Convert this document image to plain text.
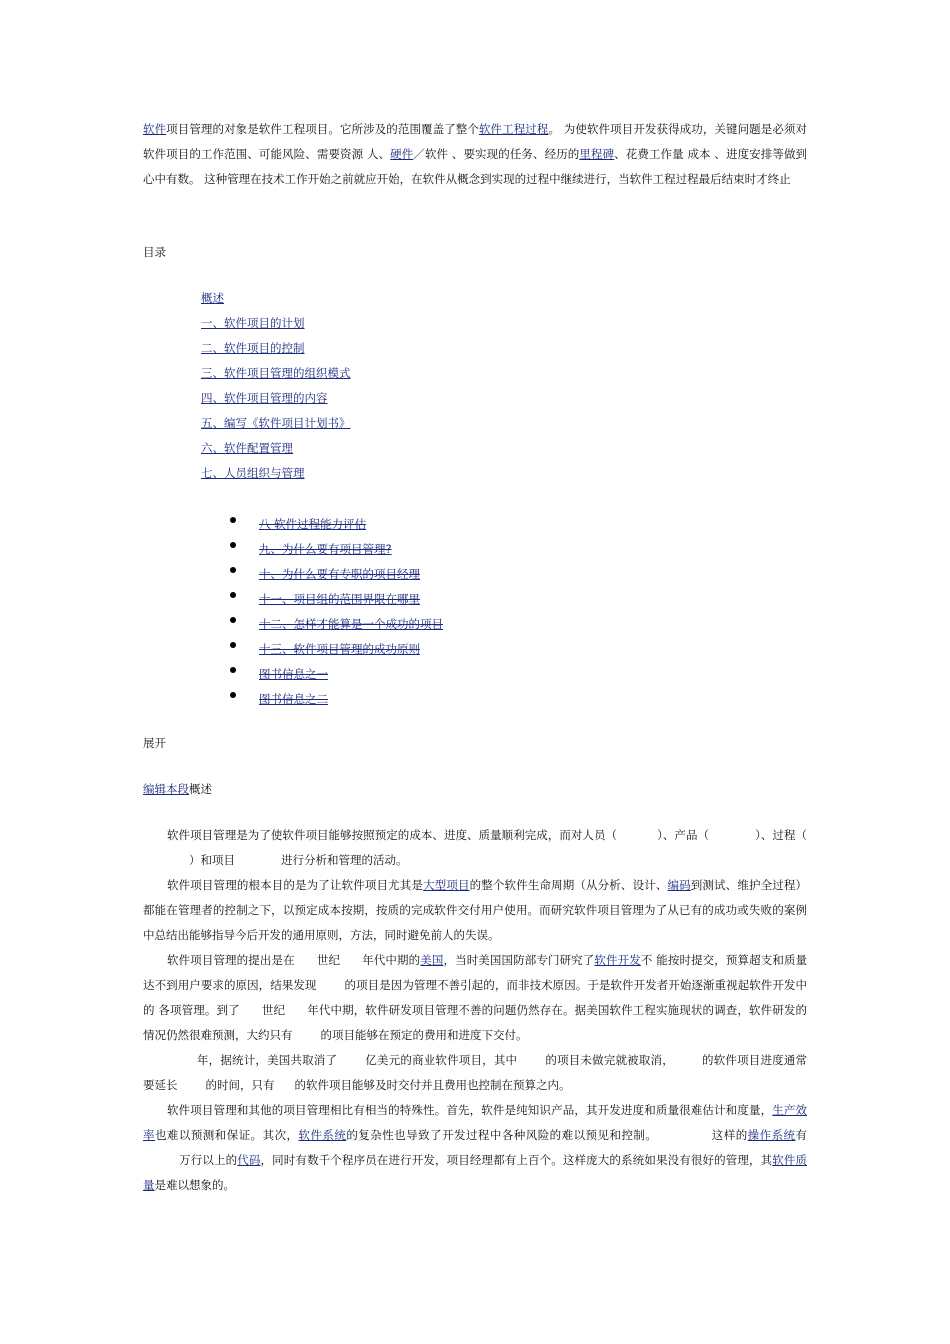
软件项目管理的对象是软件工程项目。它所涉及的范围覆盖了整个软件工程过程。 为使软件项目开发获得成功，关键问题是必须对软件项目的工作范围、可能风险、需要资源 人、硬件／软件 、要实现的任务、经历的里程碑、花费工作量 成本 、进度安排等做到心中有数。 这种管理在技术工作开始之前就应开始，在软件从概念到实现的过程中继续进行，当软件工程过程最后结束时才终止

目录

概述
一、软件项目的计划
二、软件项目的控制
三、软件项目管理的组织模式
四、软件项目管理的内容
五、编写《软件项目计划书》
六、软件配置管理
七、人员组织与管理
八 软件过程能力评估
九、为什么要有项目管理?
十、为什么要有专职的项目经理
十一、项目组的范围界限在哪里
十二、怎样才能算是一个成功的项目
十三、软件项目管理的成功原则
图书信息之一
图书信息之二

展开

编辑本段概述

软件项目管理是为了使软件项目能够按照预定的成本、进度、质量顺利完成，而对人员（	）、产品（	）、过程（）和项目	进行分析和管理的活动。

软件项目管理的根本目的是为了让软件项目尤其是大型项目的整个软件生命周期（从分析、设计、编码到测试、维护全过程）都能在管理者的控制之下，以预定成本按期，按质的完成软件交付用户使用。而研究软件项目管理为了从已有的成功或失败的案例中总结出能够指导今后开发的通用原则，方法，同时避免前人的失误。

软件项目管理的提出是在 世纪 年代中期的美国，当时美国国防部专门研究了软件开发不 能按时提交，预算超支和质量达不到用户要求的原因，结果发现 的项目是因为管理不善引起的，而非技术原因。于是软件开发者开始逐渐重视起软件开发中的 各项管理。到了 世纪 年代中期，软件研发项目管理不善的问题仍然存在。据美国软件工程实施现状的调查，软件研发的情况仍然很难预测，大约只有 的项目能够在预定的费用和进度下交付。

年，据统计，美国共取消了 亿美元的商业软件项目，其中 的项目未做完就被取消， 的软件项目进度通常要延长 的时间，只有 的软件项目能够及时交付并且费用也控制在预算之内。

软件项目管理和其他的项目管理相比有相当的特殊性。首先，软件是纯知识产品，其开发进度和质量很难估计和度量，生产效率也难以预测和保证。其次，软件系统的复杂性也导致了开发过程中各种风险的难以预见和控制。	这样的操作系统有万行以上的代码，同时有数千个程序员在进行开发，项目经理都有上百个。这样庞大的系统如果没有很好的管理，其软件质量是难以想象的。
